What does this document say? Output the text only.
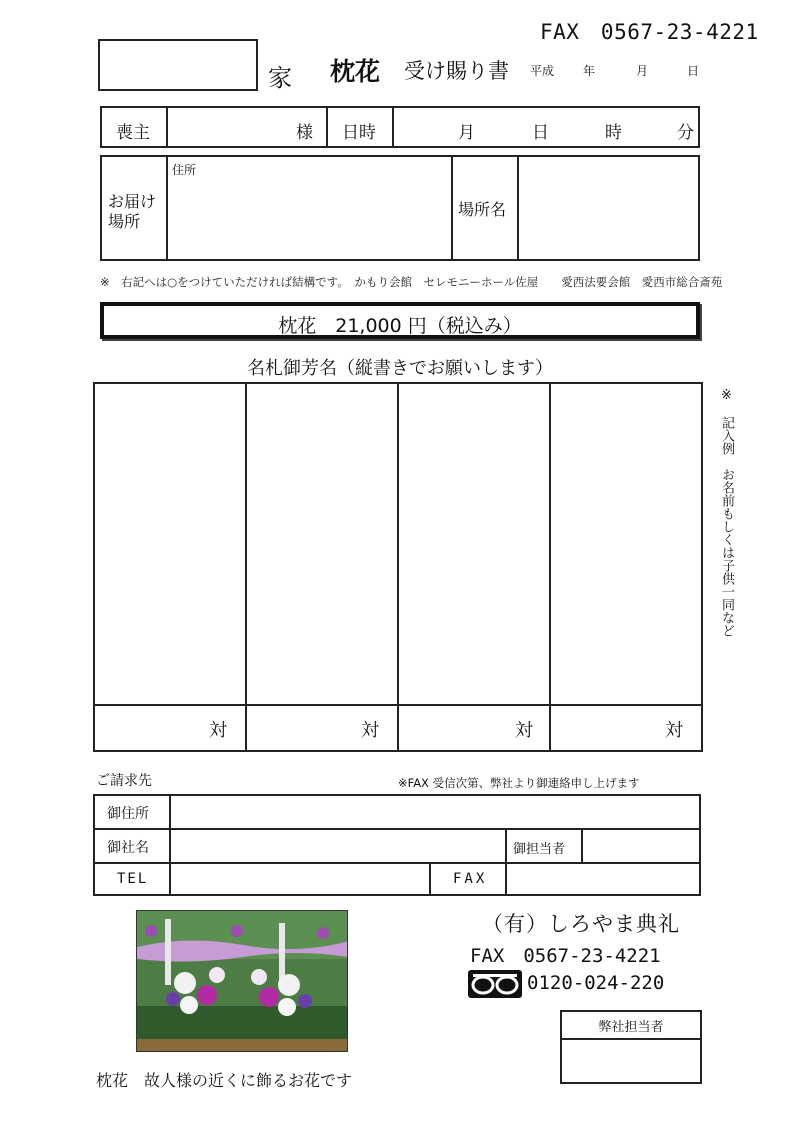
FAX　0567-23-4221
家 枕花 受け賜り書 平成 年	月	日
喪主	様 日時	月	日	時	分
お届け
場所
住所
場所名
※　右記へは○をつけていただければ結構です。　かもり会館　セレモニーホール佐屋　　愛西法要会館　愛西市総合斎苑
枕花　21,000 円（税込み）
名札御芳名（縦書きでお願いします）
対	対	対	対
※　記入例　お名前もしくは子供一同など
ご請求先	※FAX 受信次第、弊社より御連絡申し上げます
御住所
御社名	御担当者
TEL	FAX
（有）しろやま典礼
FAX　0567-23-4221
0120-024-220
弊社担当者
枕花　故人様の近くに飾るお花です
